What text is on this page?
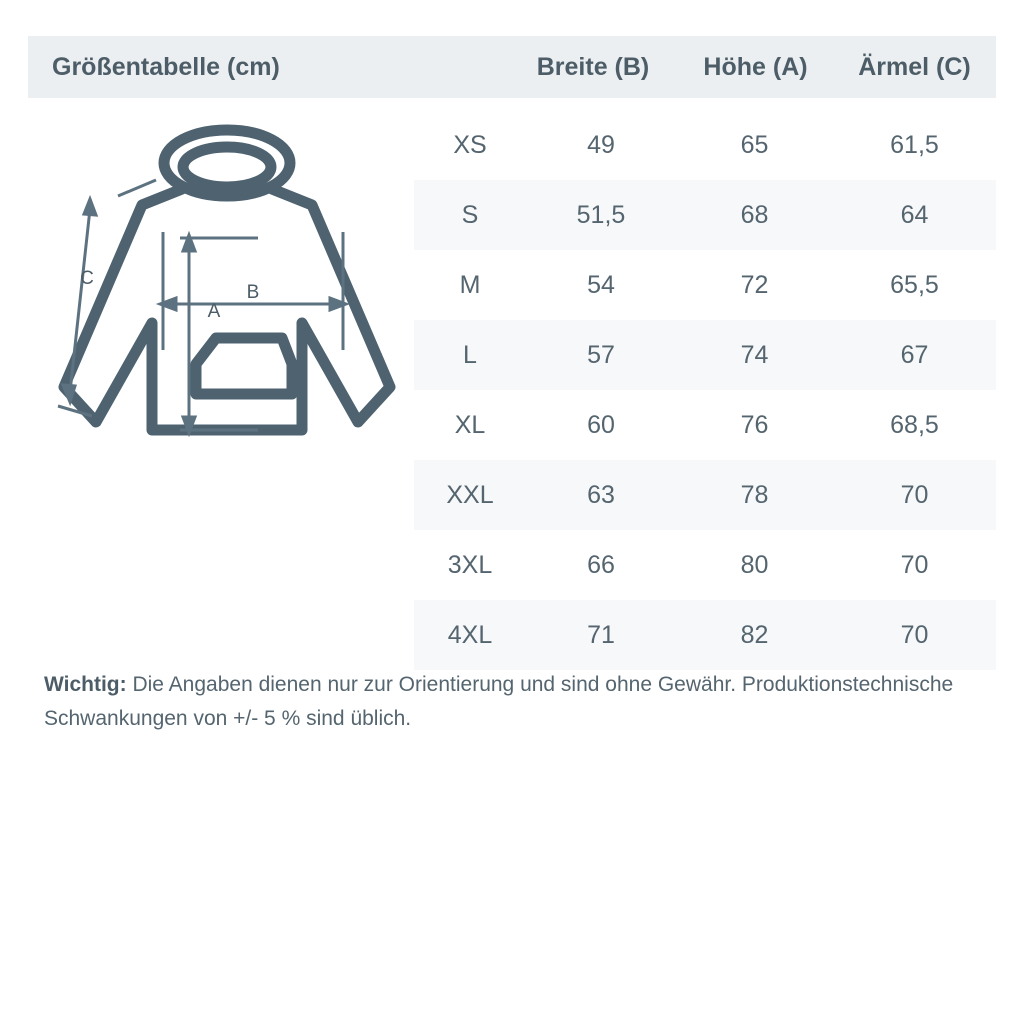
Größentabelle (cm)	Breite (B)	Höhe (A)	Ärmel (C)
C
B
A
XS	49	65	61,5
S	51,5	68	64
M	54	72	65,5
L	57	74	67
XL	60	76	68,5
XXL	63	78	70
3XL	66	80	70
4XL	71	82	70
Wichtig: Die Angaben dienen nur zur Orientierung und sind ohne Gewähr. Produktionstechnische Schwankungen von +/- 5 % sind üblich.
